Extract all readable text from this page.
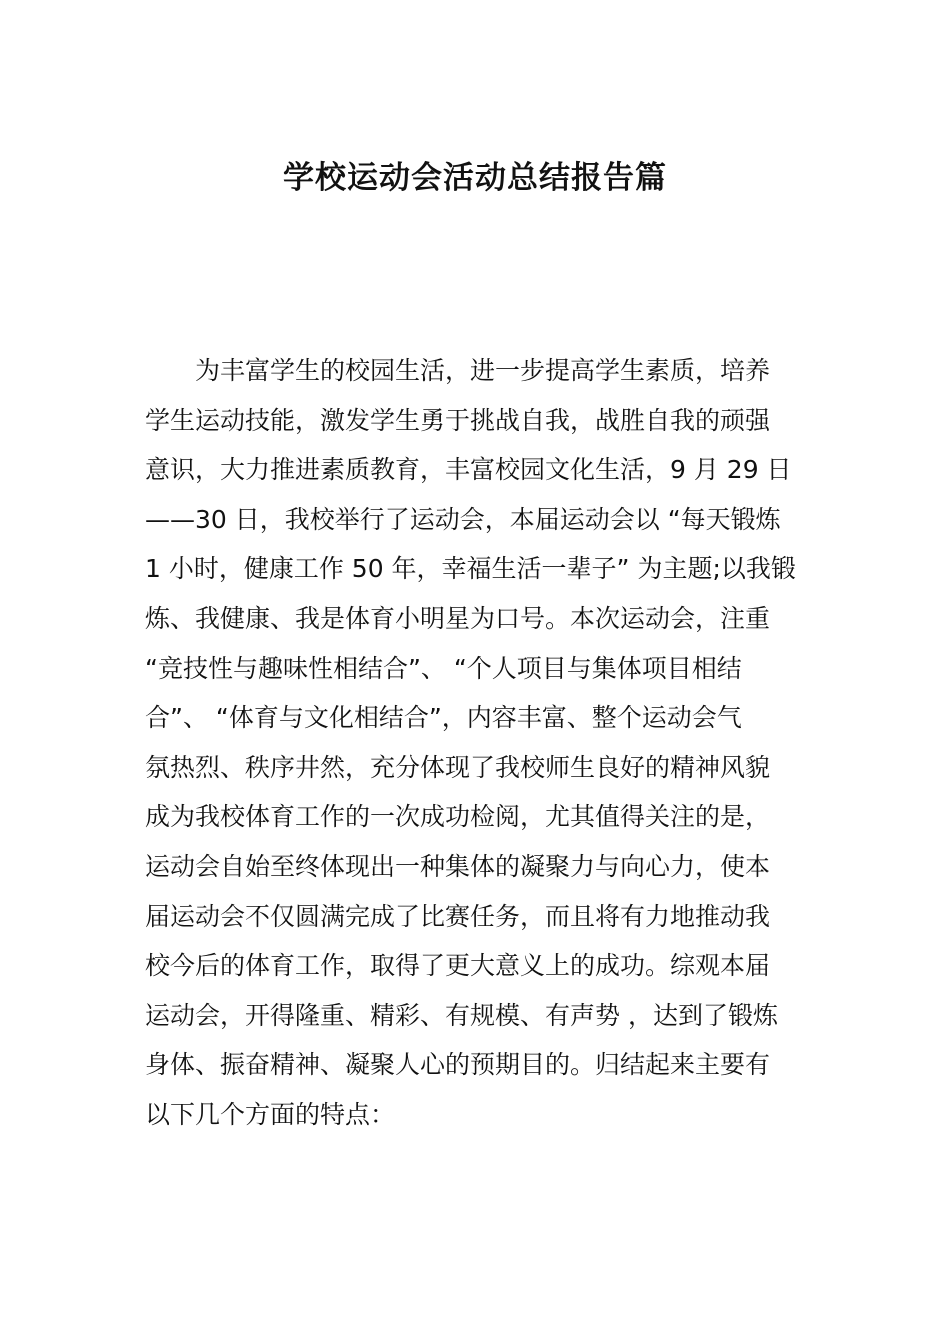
学校运动会活动总结报告篇
为丰富学生的校园生活，进一步提高学生素质，培养
学生运动技能，激发学生勇于挑战自我，战胜自我的顽强
意识，大力推进素质教育，丰富校园文化生活，9 月 29 日
——30 日，我校举行了运动会，本届运动会以 “每天锻炼
1 小时，健康工作 50 年，幸福生活一辈子” 为主题;以我锻
炼、我健康、我是体育小明星为口号。本次运动会，注重
“竞技性与趣味性相结合”、 “个人项目与集体项目相结
合”、 “体育与文化相结合”，内容丰富、整个运动会气
氛热烈、秩序井然，充分体现了我校师生良好的精神风貌
成为我校体育工作的一次成功检阅，尤其值得关注的是，
运动会自始至终体现出一种集体的凝聚力与向心力，使本
届运动会不仅圆满完成了比赛任务，而且将有力地推动我
校今后的体育工作，取得了更大意义上的成功。综观本届
运动会，开得隆重、精彩、有规模、有声势 ，达到了锻炼
身体、振奋精神、凝聚人心的预期目的。归结起来主要有
以下几个方面的特点：
